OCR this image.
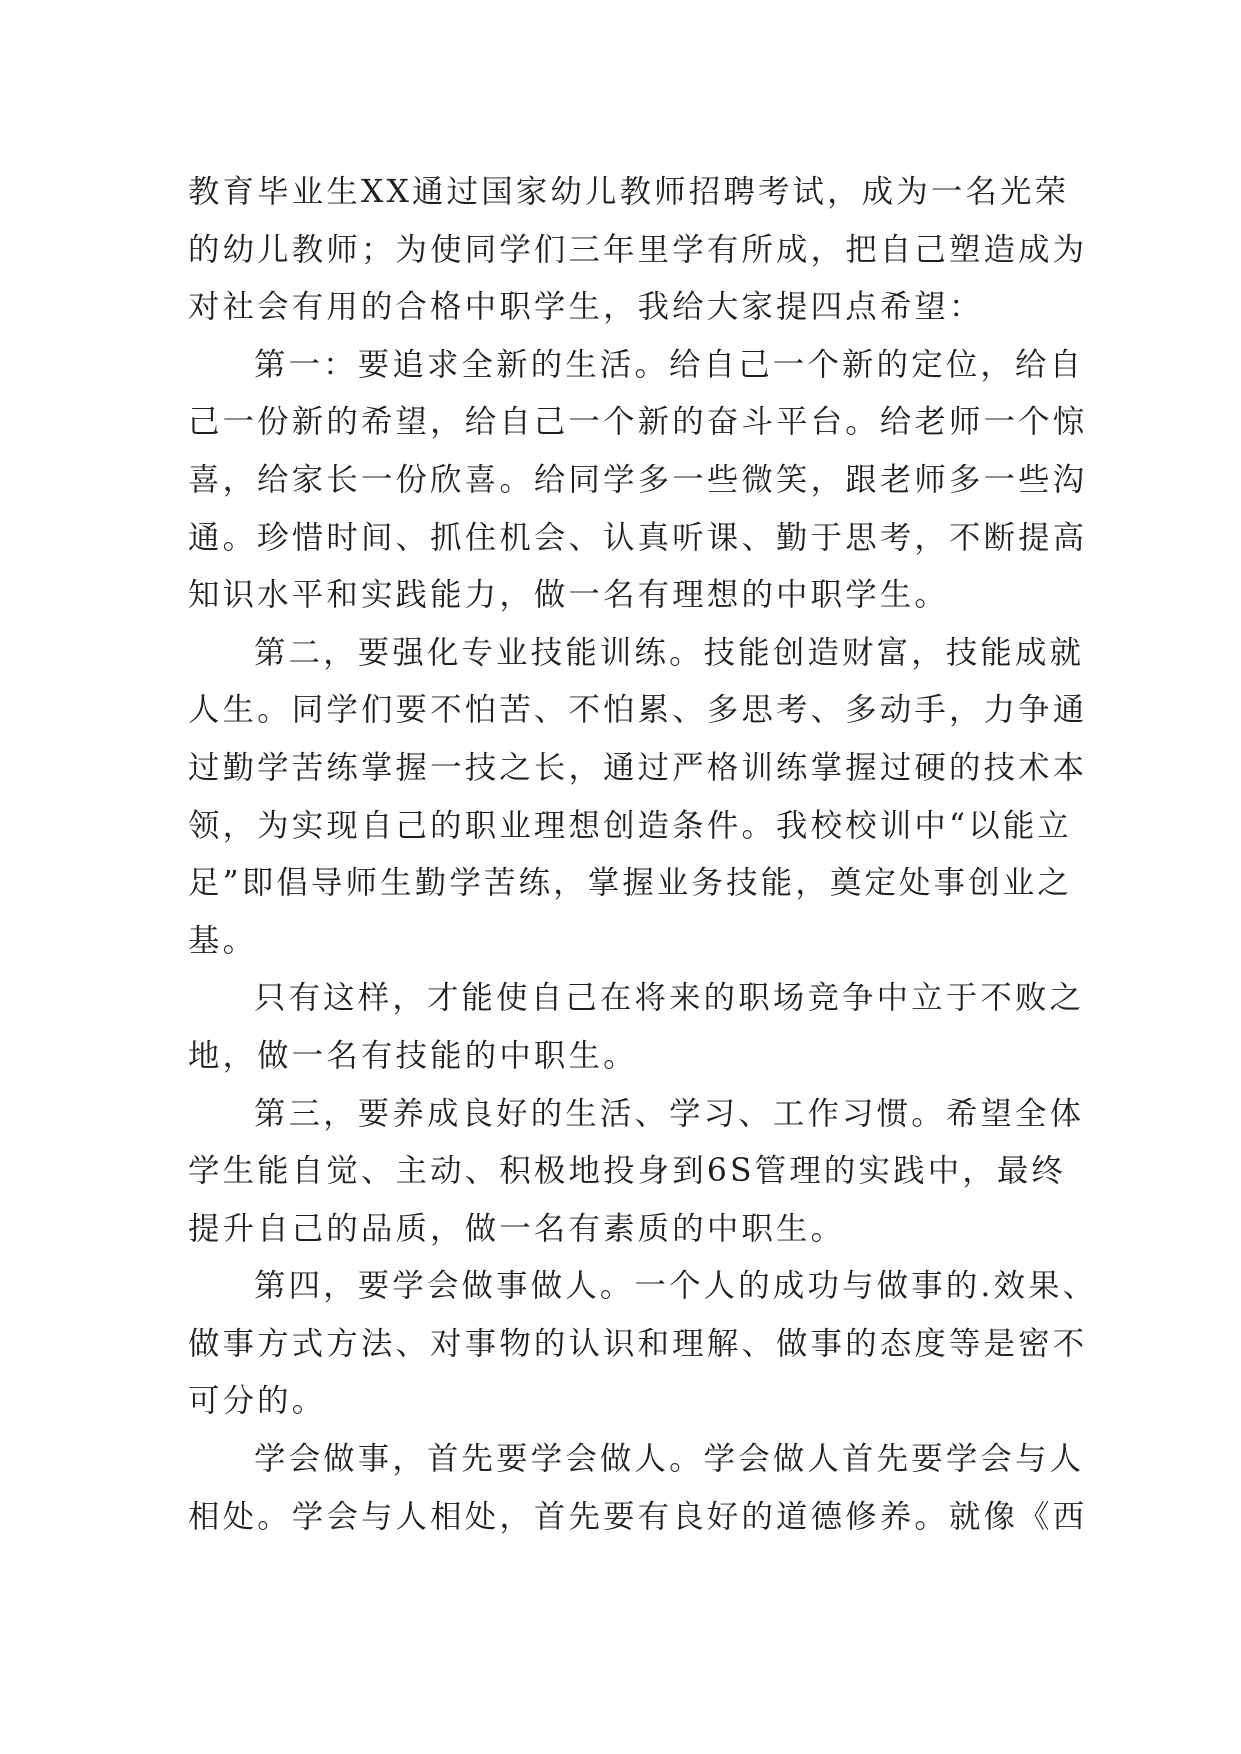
教育毕业生XX通过国家幼儿教师招聘考试，成为一名光荣
的幼儿教师；为使同学们三年里学有所成，把自己塑造成为
对社会有用的合格中职学生，我给大家提四点希望：
第一：要追求全新的生活。给自己一个新的定位，给自
己一份新的希望，给自己一个新的奋斗平台。给老师一个惊
喜，给家长一份欣喜。给同学多一些微笑，跟老师多一些沟
通。珍惜时间、抓住机会、认真听课、勤于思考，不断提高
知识水平和实践能力，做一名有理想的中职学生。
第二，要强化专业技能训练。技能创造财富，技能成就
人生。同学们要不怕苦、不怕累、多思考、多动手，力争通
过勤学苦练掌握一技之长，通过严格训练掌握过硬的技术本
领，为实现自己的职业理想创造条件。我校校训中“以能立
足”即倡导师生勤学苦练，掌握业务技能，奠定处事创业之
基。
只有这样，才能使自己在将来的职场竞争中立于不败之
地，做一名有技能的中职生。
第三，要养成良好的生活、学习、工作习惯。希望全体
学生能自觉、主动、积极地投身到6S管理的实践中，最终
提升自己的品质，做一名有素质的中职生。
第四，要学会做事做人。一个人的成功与做事的.效果、
做事方式方法、对事物的认识和理解、做事的态度等是密不
可分的。
学会做事，首先要学会做人。学会做人首先要学会与人
相处。学会与人相处，首先要有良好的道德修养。就像《西
